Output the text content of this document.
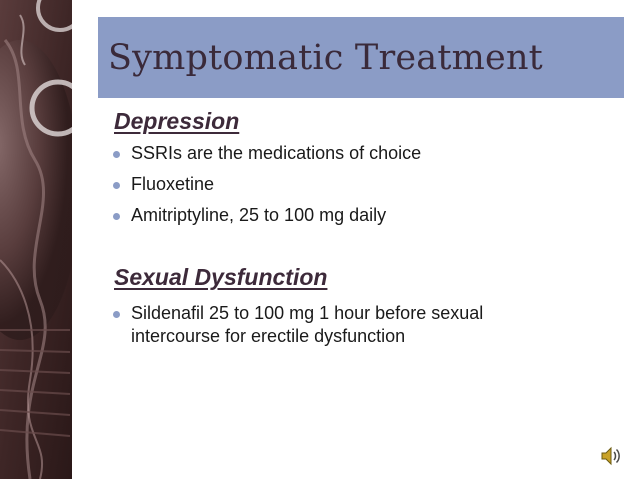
Symptomatic Treatment
Depression
SSRIs are the medications of choice
Fluoxetine
Amitriptyline, 25 to 100 mg daily
Sexual Dysfunction
Sildenafil 25 to 100 mg 1 hour before sexual intercourse for erectile dysfunction
